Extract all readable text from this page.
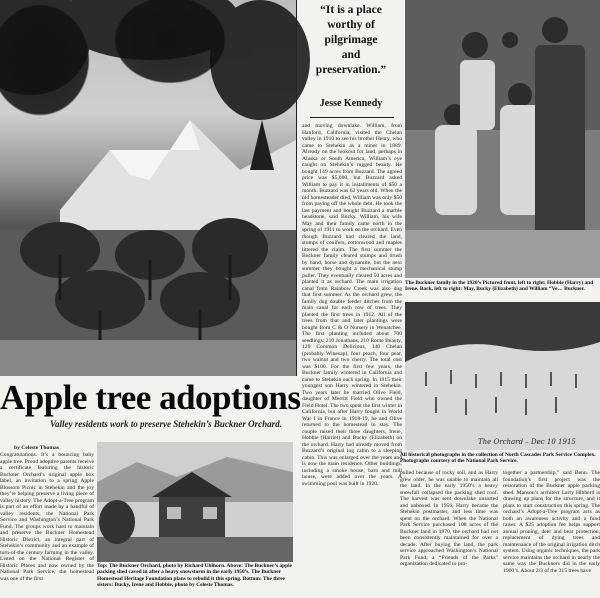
“It is a place
worthy of
pilgrimage
and
preservation.”
Jesse Kennedy
and moving downlake. William, from Hanford, California, visited the Chelan valley in 1910 to see his brother Henry, who came to Stehekin as a miner in 1889. Already on the lookout for land, perhaps in Alaska or South America, William’s eye caught on Stehekin’s rugged beauty. He bought 149 acres from Buzzard. The agreed price was $5,000, but Buzzard asked William to pay it in installments of $50 a month. Buzzard was 62 years old. When the old homesteader died, William was only $50 from paying off the whole debt. He took the last payment and bought Buzzard a marble headstone, said Bucky. William, his wife May and their family came north in the spring of 1911 to work on the orchard. Even though Buzzard had cleared the land, stumps of conifers, cottonwood and maples littered the claim. The first summer the Buckner family cleared stumps and brush by hand, horse and dynamite, but the next summer they bought a mechanical stump puller. They eventually cleared 50 acres and planted it as orchard. The main irrigation canal from Rainbow Creek was also dug that first summer. As the orchard grew, the family dug double feeder ditches from the main canal for each row of trees. They planted the first trees in 1912. All of the trees from that and later plantings were bought from C & O Nursery in Wenatchee. The first planting included about 700 seedlings: 210 Jonathans, 210 Rome Beauty, 120 Common Delicious, 140 Chelan (probably Winesap), four peach, four pear, two walnut and two cherry. The total cost was $100. For the first few years, the Buckner family wintered in California and came to Stehekin each spring. In 1915 their youngest son Harry wintered in Stehekin. Two years later he married Olive Field, daughter of Merritt Field who owned the Field Hotel. The two spent the first winter in California, but after Harry fought in World War I in France in 1918-19, he and Olive returned to the homestead to stay. The couple raised their three daughters, Irene, Hobbie (Harriet) and Bucky (Elizabeth) on the orchard. Harry had already moved from Buzzard’s original log cabin to a sleeping cabin. This was enlarged over the years and is now the main residence. Other buildings, including a smoke house, barn and mill house, were added over the years. A swimming pool was built in 1920.
The Buckner family in the 1920’s Pictured front, left to right: Hobbie (Harry) and Irene. Back, left to right: May, Bucky (Elizabeth) and William “Ve… Buckner.
The Orchard – Dec 10 1915
All historical photographs in the collection of North Cascades Park Service Complex. Photographs courtesy of the National Park Service.
pulled because of rocky soil, and as Harry grew older, he was unable to maintain all the land. In the early 1950’s a heavy snowfall collapsed the packing shed roof. The harvest was sent downlake unsorted and unboxed. In 1956, Harry became the Stehekin postmaster, and less time was spent on the orchard. When the National Park Service purchased 108 acres of the Buckner land in 1970, the orchard had not been consistently maintained for over a decade. After buying the land, the park service approached Washington’s National Park Fund, a “Friends of the Parks” organization dedicated to pro-
together a partnership,” said Benn. The foundation’s first project was the restoration of the Buckner apple packing shed. Manson’s architect Larry Hibberd is drawing up plans for the structure, and it plans to start construction this spring. The orchard’s Adopt-a-Tree program acts as both an awareness activity and a fund raiser. A $25 adoption fee helps support annual pruning, deer and bear protection, replacement of dying trees and maintenance of the original irrigation ditch system. Using organic techniques, the park service maintains the orchard in nearly the same way the Buckners did in the early 1900’s. About 2/3 of the 315 trees have
Apple tree adoptions
Valley residents work to preserve Stehekin’s Buckner Orchard.
by Celeste Thomas
Congratulations. It’s a bouncing baby apple tree. Proud adoptive parents receive a certificate featuring the historic Buckner Orchard’s original apple box label, an invitation to a spring Apple Blossom Picnic in Stehekin and the joy they’re helping preserve a living piece of valley history. The Adopt-a-Tree program is part of an effort made by a handful of valley residents, the National Park Service and Washington’s National Park Fund. The groups work hard to maintain and preserve the Buckner Homestead Historic District, an integral part of Stehekin’s community and an example of turn-of-the century farming in the valley. Listed on the National Register of Historic Places and now owned by the National Park Service, the homestead was one of the first
Top: The Buckner Orchard, photo by Richard Uhlhorn. Above: The Buckner’s apple packing shed caved in after a heavy snowstorm in the early 1950’s. The Buckner Homestead Heritage Foundation plans to rebuild it this spring. Bottom: The three sisters: Bucky, Irene and Hobbie, photo by Celeste Thomas.
